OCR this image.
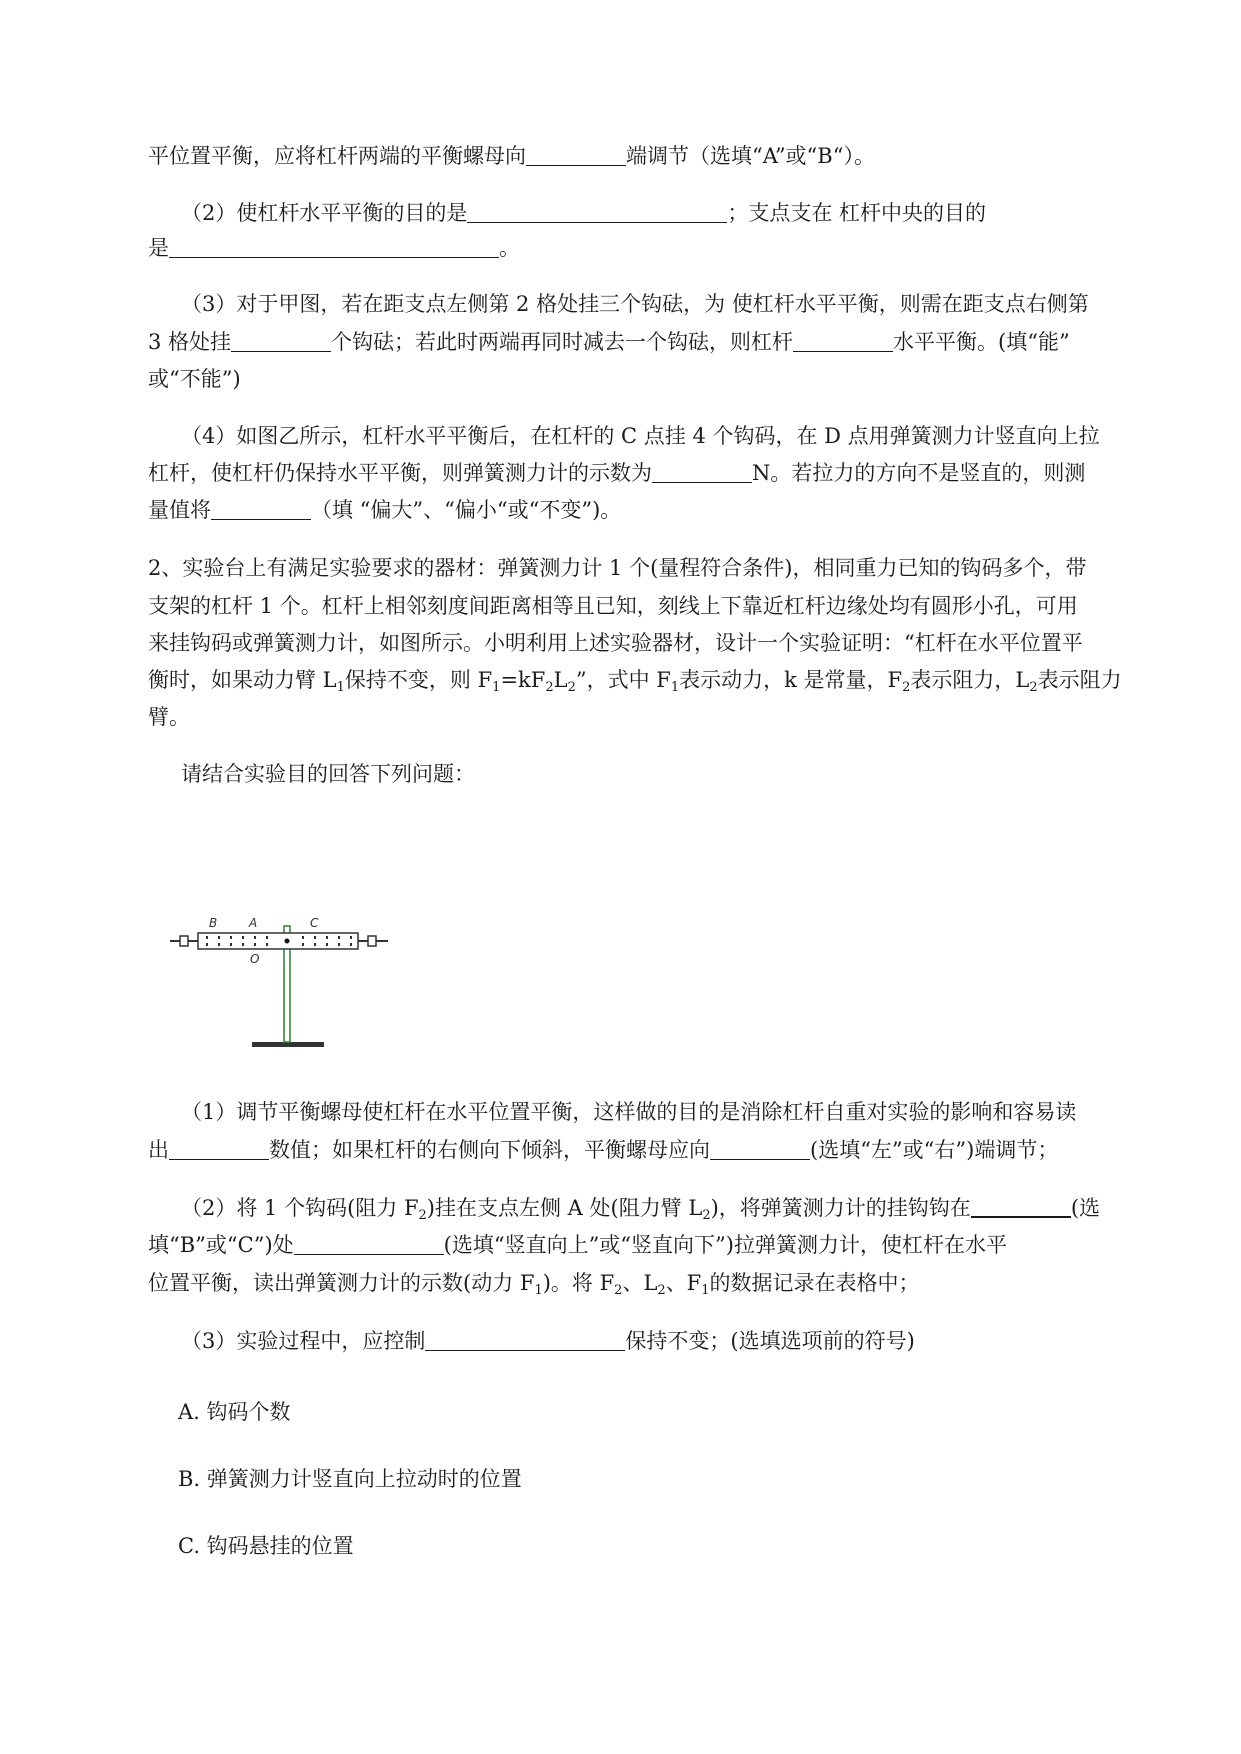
平位置平衡，应将杠杆两端的平衡螺母向	端调节（选填“A”或“B“）。
（2）使杠杆水平平衡的目的是	；支点支在 杠杆中央的目的
是	。
（3）对于甲图，若在距支点左侧第 2 格处挂三个钩砝，为 使杠杆水平平衡，则需在距支点右侧第
3 格处挂	个钩砝；若此时两端再同时减去一个钩砝，则杠杆	水平平衡。(填“能”
或“不能”)
（4）如图乙所示，杠杆水平平衡后，在杠杆的 C 点挂 4 个钩码，在 D 点用弹簧测力计竖直向上拉
杠杆，使杠杆仍保持水平平衡，则弹簧测力计的示数为	N。若拉力的方向不是竖直的，则测
量值将	（填 “偏大”、“偏小“或“不变”)。
2、实验台上有满足实验要求的器材：弹簧测力计 1 个(量程符合条件)，相同重力已知的钩码多个，带
支架的杠杆 1 个。杠杆上相邻刻度间距离相等且已知，刻线上下靠近杠杆边缘处均有圆形小孔，可用
来挂钩码或弹簧测力计，如图所示。小明利用上述实验器材，设计一个实验证明：“杠杆在水平位置平
衡时，如果动力臂 $L_1$保持不变，则 $F_1=kF_2L_2$”，式中 $F_1$表示动力，k 是常量，$F_2$表示阻力，$L_2$表示阻力
臂。
请结合实验目的回答下列问题：
B	A	C
O
（1）调节平衡螺母使杠杆在水平位置平衡，这样做的目的是消除杠杆自重对实验的影响和容易读
出	数值；如果杠杆的右侧向下倾斜，平衡螺母应向	(选填“左”或“右”)端调节；
（2）将 1 个钩码(阻力 $F_2$)挂在支点左侧 A 处(阻力臂 $L_2$)，将弹簧测力计的挂钩钩在	(选
填“B”或“C”)处	(选填“竖直向上”或“竖直向下”)拉弹簧测力计，使杠杆在水平
位置平衡，读出弹簧测力计的示数(动力 $F_1$)。将 $F_2$、$L_2$、$F_1$的数据记录在表格中；
（3）实验过程中，应控制	保持不变；(选填选项前的符号)
A. 钩码个数
B. 弹簧测力计竖直向上拉动时的位置
C. 钩码悬挂的位置
